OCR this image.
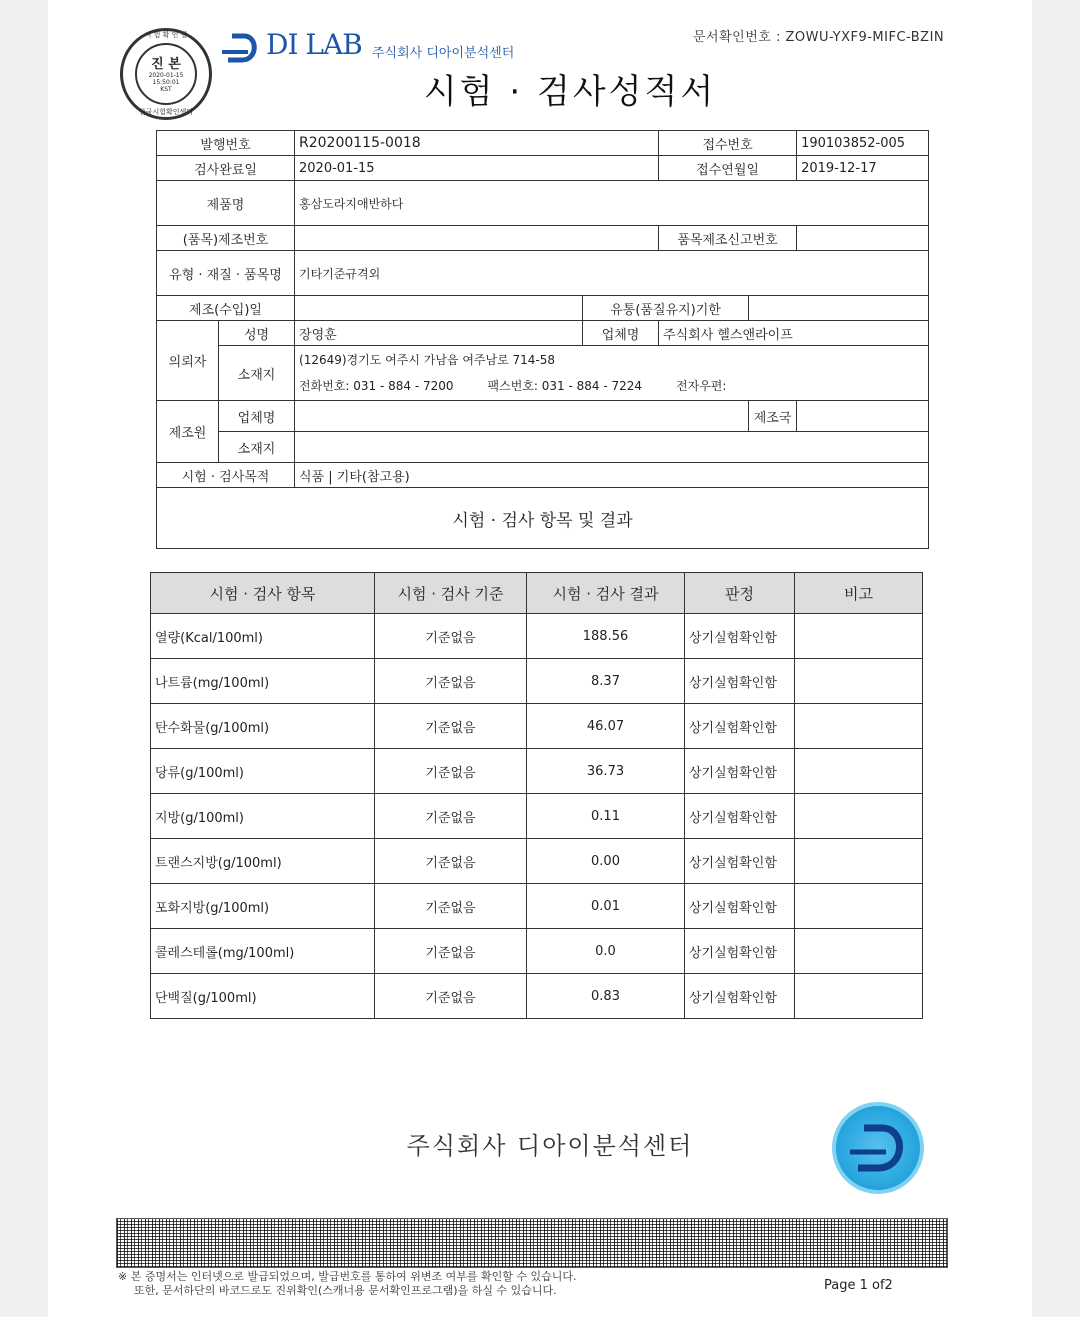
문서확인번호 : ZOWU-YXF9-MIFC-BZIN
시 험 확 인 필
진 본
2020-01-15
15:50:01
KST
한국시험확인센터
DI LAB 주식회사 디아이분석센터
시험 · 검사성적서
발행번호		R20200115-0018		접수번호		190103852-005
검사완료일		2020-01-15		접수연월일		2019-12-17
제품명		홍삼도라지애반하다				
(품목)제조번호				품목제조신고번호		
유형 · 재질 · 품목명		기타기준규격외				
제조(수입)일			유통(품질유지)기한			
의뢰자	성명	장영훈	업체명	주식회사 헬스앤라이프		
	소재지	(12649)경기도 여주시 가남읍 여주남로 714-58
전화번호: 031 - 884 - 7200 팩스번호: 031 - 884 - 7224 전자우편:				

제조원	업체명				제조국	
	소재지					
시험 · 검사목적		식품 | 기타(참고용)				
시험 · 검사 항목 및 결과						
시험 · 검사 항목	시험 · 검사 기준	시험 · 검사 결과	판정	비고
열량(Kcal/100ml)	기준없음	188.56	상기실험확인함	
나트륨(mg/100ml)	기준없음	8.37	상기실험확인함	
탄수화물(g/100ml)	기준없음	46.07	상기실험확인함	
당류(g/100ml)	기준없음	36.73	상기실험확인함	
지방(g/100ml)	기준없음	0.11	상기실험확인함	
트랜스지방(g/100ml)	기준없음	0.00	상기실험확인함	
포화지방(g/100ml)	기준없음	0.01	상기실험확인함	
콜레스테롤(mg/100ml)	기준없음	0.0	상기실험확인함	
단백질(g/100ml)	기준없음	0.83	상기실험확인함	
주식회사 디아이분석센터
※ 본 증명서는 인터넷으로 발급되었으며, 발급번호를 통하여 위변조 여부를 확인할 수 있습니다.
또한, 문서하단의 바코드로도 진위확인(스캐너용 문서확인프로그램)을 하실 수 있습니다.	Page 1 of2
